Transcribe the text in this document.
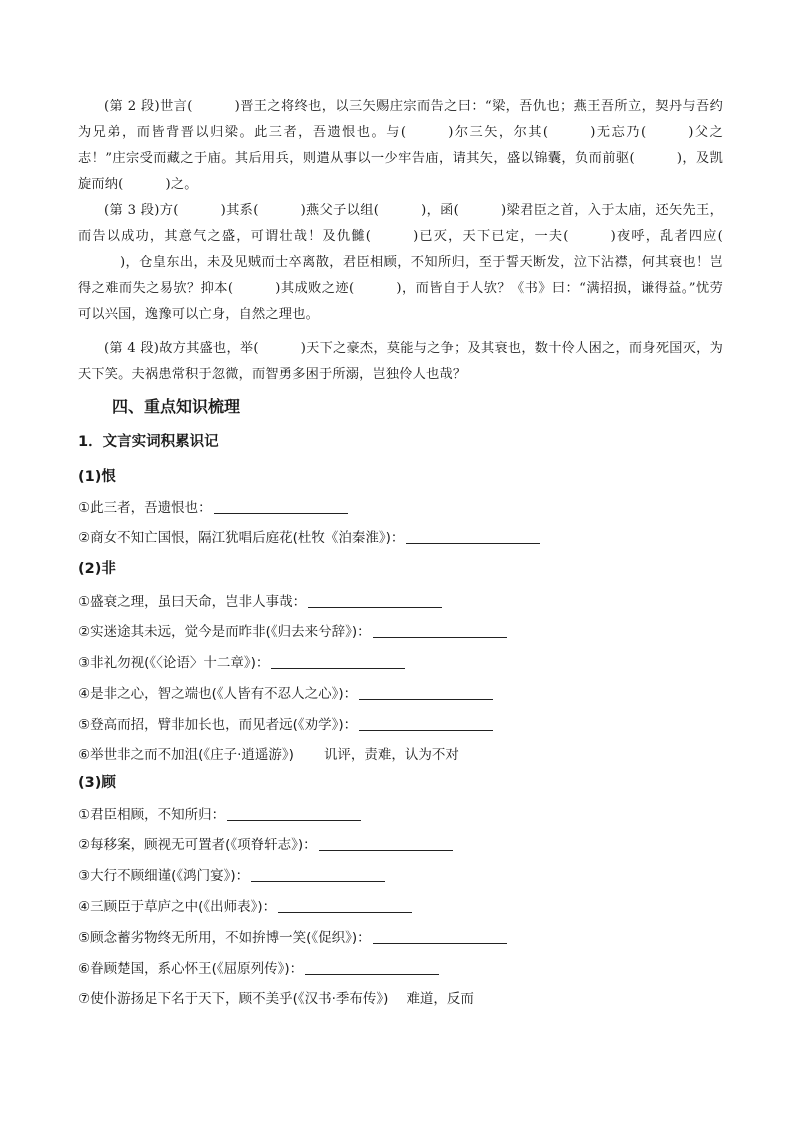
(第 2 段)世言(	)晋王之将终也，以三矢赐庄宗而告之曰：“梁，吾仇也；燕王吾所立，契丹与吾约为兄弟，而皆背晋以归梁。此三者，吾遗恨也。与(	)尔三矢，尔其(	)无忘乃(	)父之志！”庄宗受而藏之于庙。其后用兵，则遣从事以一少牢告庙，请其矢，盛以锦囊，负而前驱(	)，及凯旋而纳(	)之。
(第 3 段)方(	)其系(	)燕父子以组(	)，函(	)梁君臣之首，入于太庙，还矢先王，而告以成功，其意气之盛，可谓壮哉！及仇雠(	)已灭，天下已定，一夫(	)夜呼，乱者四应()，仓皇东出，未及见贼而士卒离散，君臣相顾，不知所归，至于誓天断发，泣下沾襟，何其衰也！岂得之难而失之易欤？抑本(	)其成败之迹(	)，而皆自于人欤？《书》曰：“满招损，谦得益。”忧劳可以兴国，逸豫可以亡身，自然之理也。
(第 4 段)故方其盛也，举(	)天下之豪杰，莫能与之争；及其衰也，数十伶人困之，而身死国灭，为天下笑。夫祸患常积于忽微，而智勇多困于所溺，岂独伶人也哉？
四、重点知识梳理
1．文言实词积累识记
(1)恨
①此三者，吾遗恨也：
②商女不知亡国恨，隔江犹唱后庭花(杜牧《泊秦淮》)：
(2)非
①盛衰之理，虽曰天命，岂非人事哉：
②实迷途其未远，觉今是而昨非(《归去来兮辞》)：
③非礼勿视(《〈论语〉十二章》)：
④是非之心，智之端也(《人皆有不忍人之心》)：
⑤登高而招，臂非加长也，而见者远(《劝学》)：
⑥举世非之而不加沮(《庄子·逍遥游》) 讥评，责难，认为不对
(3)顾
①君臣相顾，不知所归：
②每移案，顾视无可置者(《项脊轩志》)：
③大行不顾细谨(《鸿门宴》)：
④三顾臣于草庐之中(《出师表》)：
⑤顾念蓄劣物终无所用，不如拚博一笑(《促织》)：
⑥眷顾楚国，系心怀王(《屈原列传》)：
⑦使仆游扬足下名于天下，顾不美乎(《汉书·季布传》) 难道，反而
